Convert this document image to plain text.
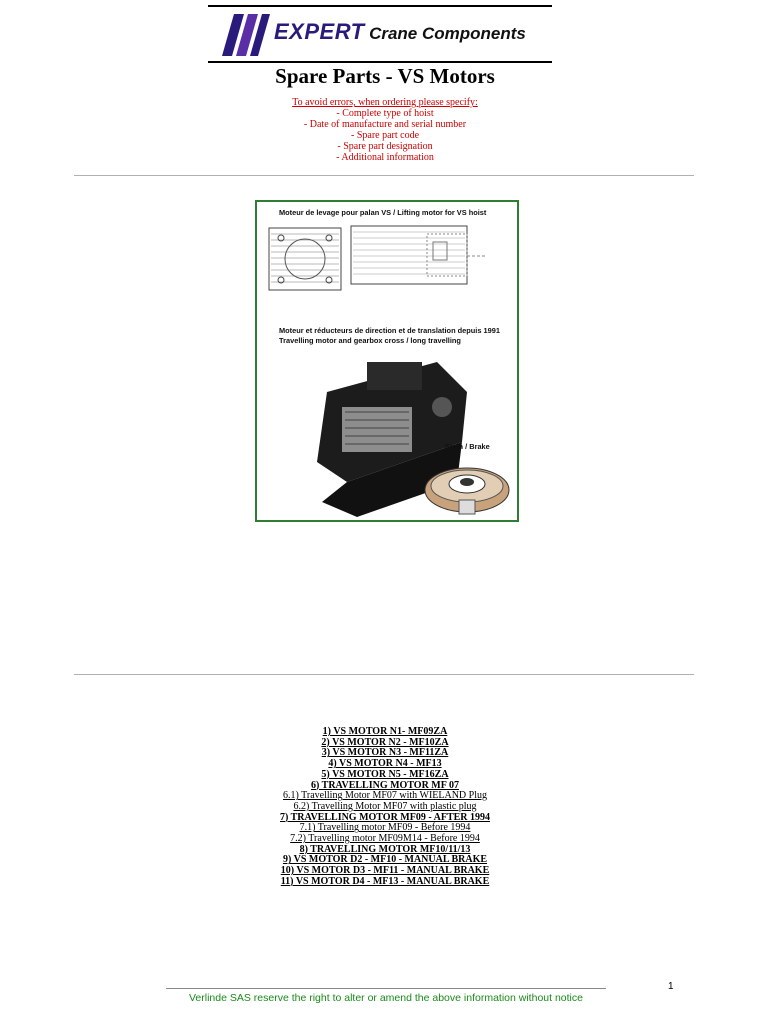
EXPERT Crane Components
Spare Parts - VS Motors
To avoid errors, when ordering please specify:
- Complete type of hoist
- Date of manufacture and serial number
- Spare part code
- Spare part designation
- Additional information
Moteur de levage pour palan VS / Lifting motor for VS hoist
Moteur et réducteurs de direction et de translation depuis 1991
Travelling motor and gearbox cross / long travelling
Frein / Brake
1) VS MOTOR N1- MF09ZA
2) VS MOTOR N2 - MF10ZA
3) VS MOTOR N3 - MF11ZA
4) VS MOTOR N4 - MF13
5) VS MOTOR N5 - MF16ZA
6) TRAVELLING MOTOR MF 07
6.1) Travelling Motor MF07 with WIELAND Plug
6.2) Travelling Motor MF07 with plastic plug
7) TRAVELLING MOTOR MF09 - AFTER 1994
7.1) Travelling motor MF09 - Before 1994
7.2) Travelling motor MF09M14 - Before 1994
8) TRAVELLING MOTOR MF10/11/13
9) VS MOTOR D2 - MF10 - MANUAL BRAKE
10) VS MOTOR D3 - MF11 - MANUAL BRAKE
11) VS MOTOR D4 - MF13 - MANUAL BRAKE
1
Verlinde SAS reserve the right to alter or amend the above information without notice
